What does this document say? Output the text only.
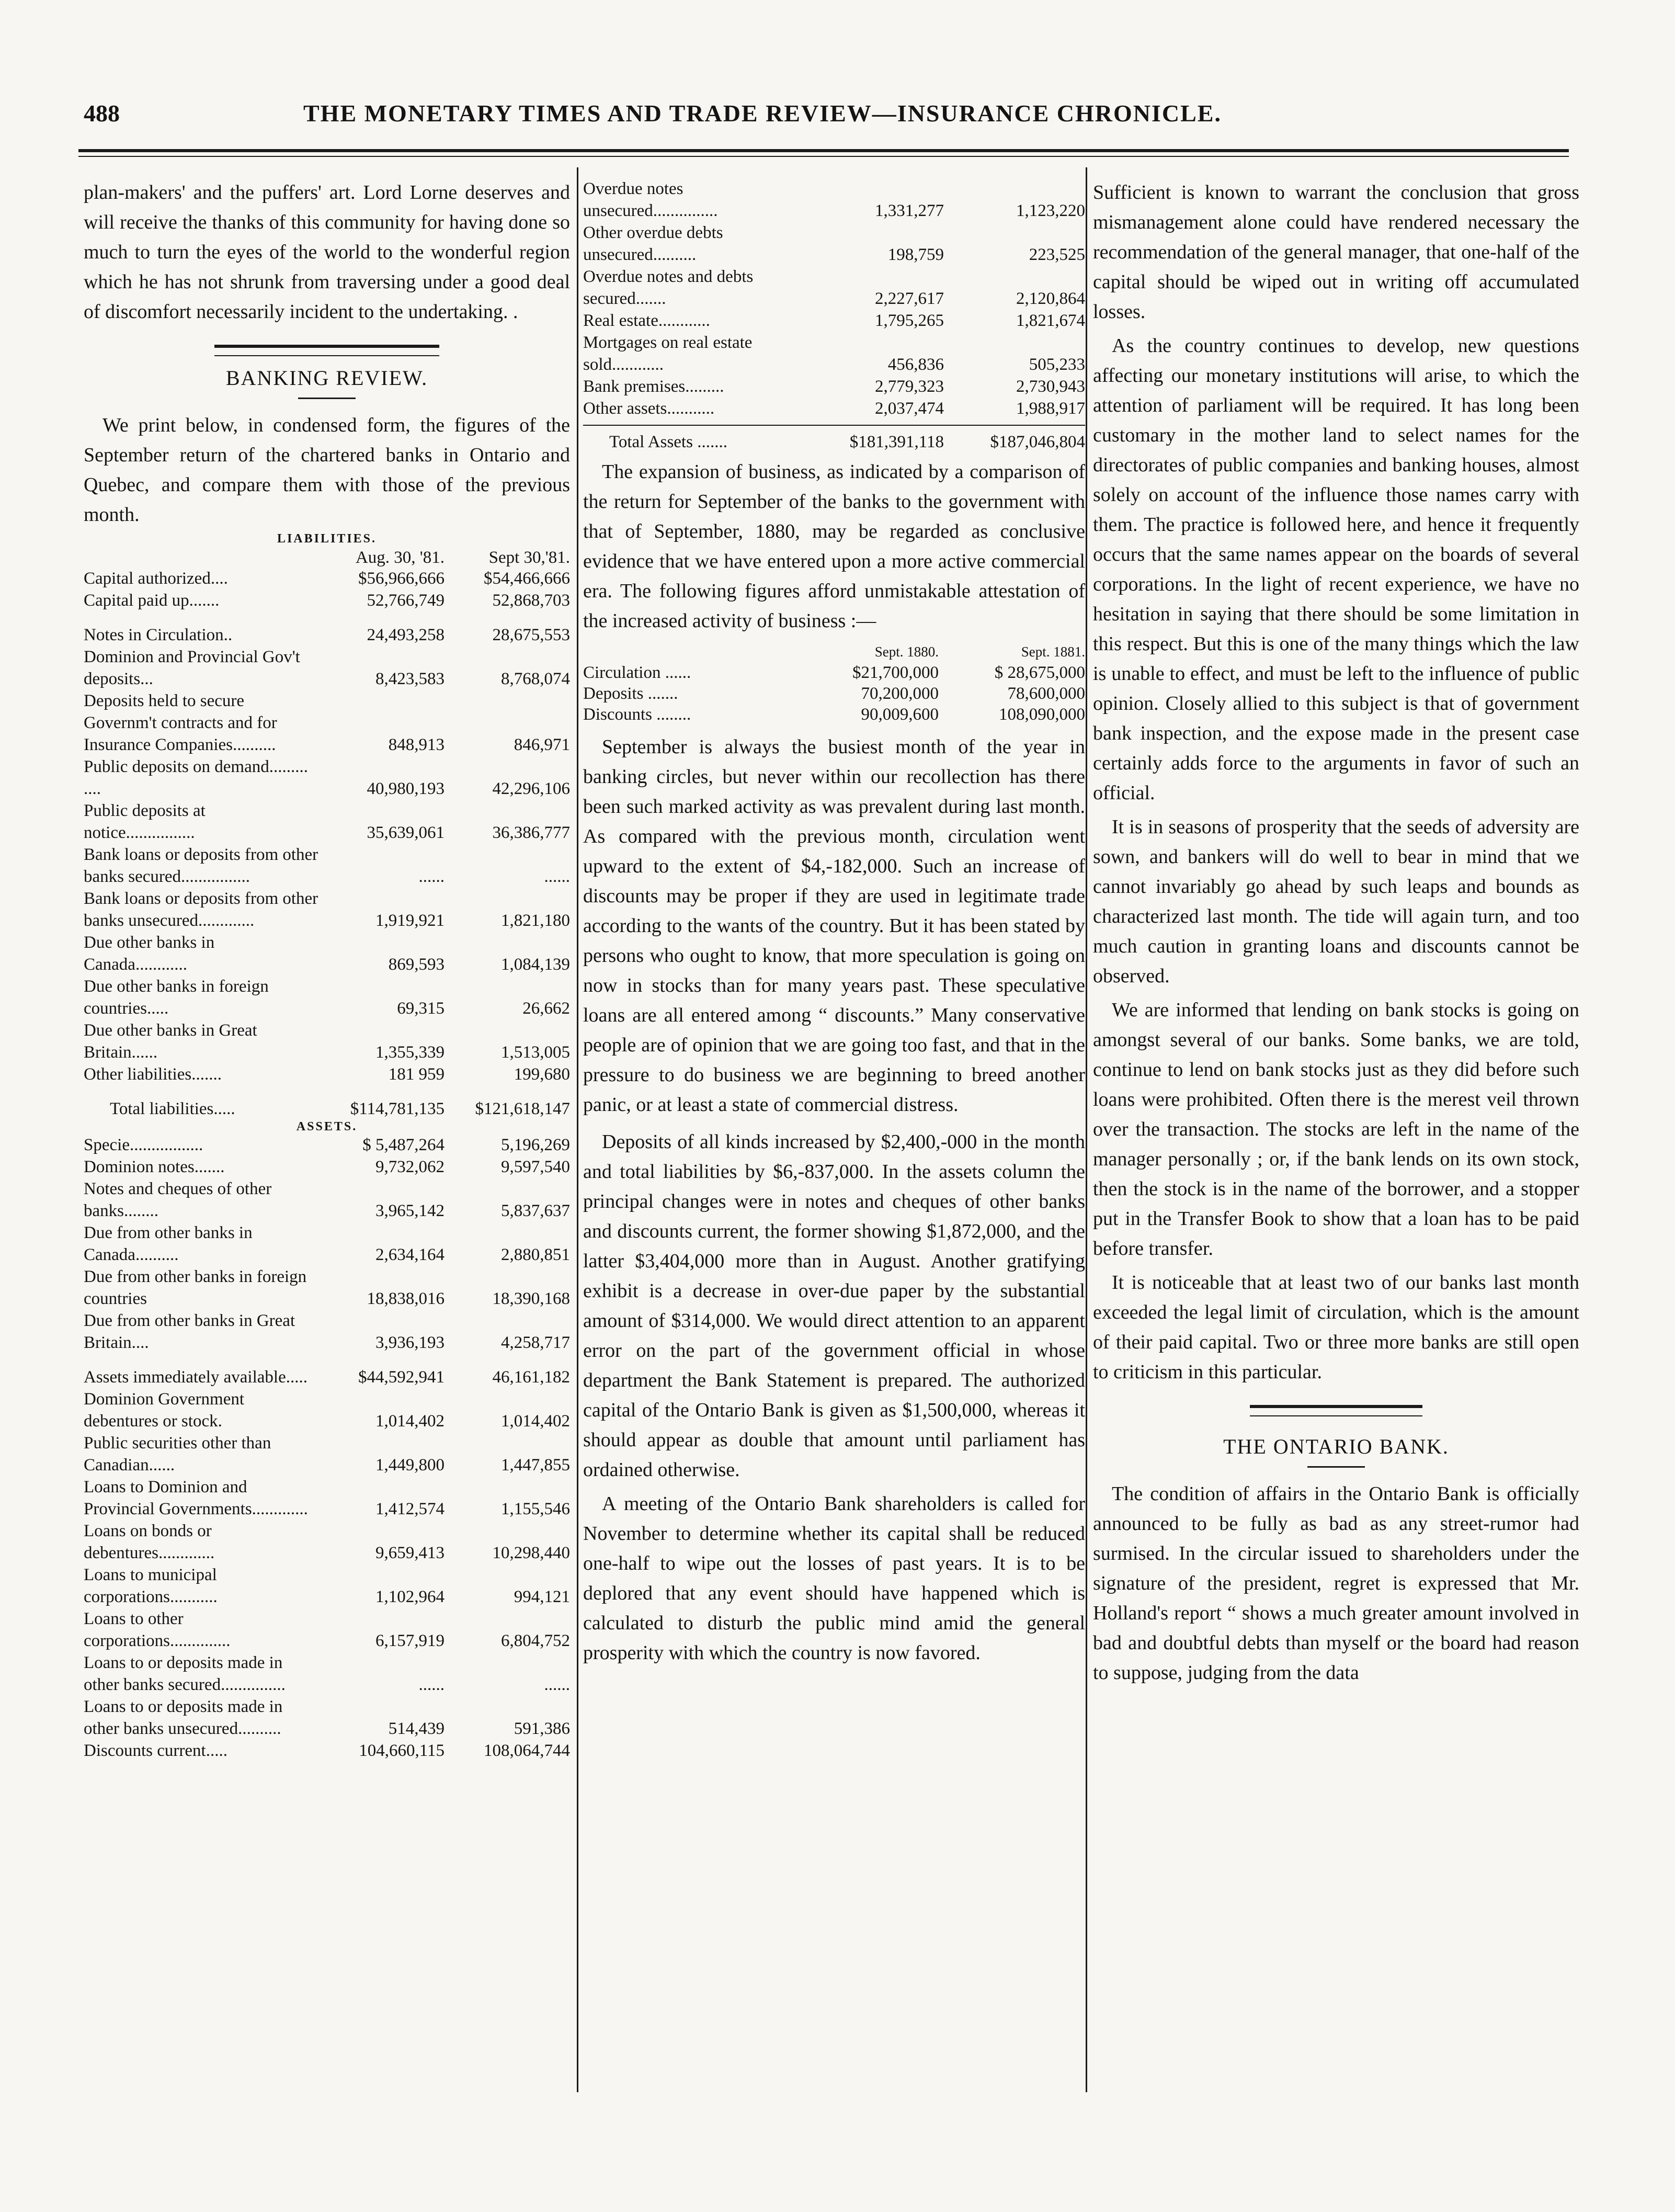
488	THE MONETARY TIMES AND TRADE REVIEW—INSURANCE CHRONICLE.

plan-makers' and the puffers' art. Lord Lorne deserves and will receive the thanks of this community for having done so much to turn the eyes of the world to the wonderful region which he has not shrunk from traversing under a good deal of discomfort necessarily incident to the undertaking. .

BANKING REVIEW.

We print below, in condensed form, the figures of the September return of the chartered banks in Ontario and Quebec, and compare them with those of the previous month.

LIABILITIES.
Aug. 30, '81.	Sept 30,'81.
Capital authorized....	$56,966,666	$54,466,666
Capital paid up.......	52,766,749	52,868,703
Notes in Circulation..	24,493,258	28,675,553
Dominion and Provincial Gov't deposits...	8,423,583	8,768,074
Deposits held to secure Governm't contracts and for Insurance Companies..........	848,913	846,971
Public deposits on demand......... ....	40,980,193	42,296,106
Public deposits at notice................	35,639,061	36,386,777
Bank loans or deposits from other banks secured................	......	......
Bank loans or deposits from other banks unsecured.............	1,919,921	1,821,180
Due other banks in Canada............	869,593	1,084,139
Due other banks in foreign countries.....	69,315	26,662
Due other banks in Great Britain......	1,355,339	1,513,005
Other liabilities.......	181 959	199,680
Total liabilities.....	$114,781,135	$121,618,147
ASSETS.
Specie.................	$ 5,487,264	5,196,269
Dominion notes.......	9,732,062	9,597,540
Notes and cheques of other banks........	3,965,142	5,837,637
Due from other banks in Canada..........	2,634,164	2,880,851
Due from other banks in foreign countries	18,838,016	18,390,168
Due from other banks in Great Britain....	3,936,193	4,258,717
Assets immediately available.....	$44,592,941	46,161,182
Dominion Government debentures or stock.	1,014,402	1,014,402
Public securities other than Canadian......	1,449,800	1,447,855
Loans to Dominion and Provincial Governments.............	1,412,574	1,155,546
Loans on bonds or debentures.............	9,659,413	10,298,440
Loans to municipal corporations...........	1,102,964	994,121
Loans to other corporations..............	6,157,919	6,804,752
Loans to or deposits made in other banks secured...............	......	......
Loans to or deposits made in other banks unsecured..........	514,439	591,386
Discounts current.....	104,660,115	108,064,744
Overdue notes unsecured...............	1,331,277	1,123,220
Other overdue debts unsecured..........	198,759	223,525
Overdue notes and debts secured.......	2,227,617	2,120,864
Real estate............	1,795,265	1,821,674
Mortgages on real estate sold............	456,836	505,233
Bank premises.........	2,779,323	2,730,943
Other assets...........	2,037,474	1,988,917
Total Assets .......	$181,391,118	$187,046,804

The expansion of business, as indicated by a comparison of the return for September of the banks to the government with that of September, 1880, may be regarded as conclusive evidence that we have entered upon a more active commercial era. The following figures afford unmistakable attestation of the increased activity of business :—

Sept. 1880.	Sept. 1881.
Circulation ......	$21,700,000	$ 28,675,000
Deposits .......	70,200,000	78,600,000
Discounts ........	90,009,600	108,090,000

September is always the busiest month of the year in banking circles, but never within our recollection has there been such marked activity as was prevalent during last month. As compared with the previous month, circulation went upward to the extent of $4,-182,000. Such an increase of discounts may be proper if they are used in legitimate trade according to the wants of the country. But it has been stated by persons who ought to know, that more speculation is going on now in stocks than for many years past. These speculative loans are all entered among “ discounts.” Many conservative people are of opinion that we are going too fast, and that in the pressure to do business we are beginning to breed another panic, or at least a state of commercial distress.

Deposits of all kinds increased by $2,400,-000 in the month and total liabilities by $6,-837,000. In the assets column the principal changes were in notes and cheques of other banks and discounts current, the former showing $1,872,000, and the latter $3,404,000 more than in August. Another gratifying exhibit is a decrease in over-due paper by the substantial amount of $314,000. We would direct attention to an apparent error on the part of the government official in whose department the Bank Statement is prepared. The authorized capital of the Ontario Bank is given as $1,500,000, whereas it should appear as double that amount until parliament has ordained otherwise.

A meeting of the Ontario Bank shareholders is called for November to determine whether its capital shall be reduced one-half to wipe out the losses of past years. It is to be deplored that any event should have happened which is calculated to disturb the public mind amid the general prosperity with which the country is now favored.

Sufficient is known to warrant the conclusion that gross mismanagement alone could have rendered necessary the recommendation of the general manager, that one-half of the capital should be wiped out in writing off accumulated losses.

As the country continues to develop, new questions affecting our monetary institutions will arise, to which the attention of parliament will be required. It has long been customary in the mother land to select names for the directorates of public companies and banking houses, almost solely on account of the influence those names carry with them. The practice is followed here, and hence it frequently occurs that the same names appear on the boards of several corporations. In the light of recent experience, we have no hesitation in saying that there should be some limitation in this respect. But this is one of the many things which the law is unable to effect, and must be left to the influence of public opinion. Closely allied to this subject is that of government bank inspection, and the expose made in the present case certainly adds force to the arguments in favor of such an official.

It is in seasons of prosperity that the seeds of adversity are sown, and bankers will do well to bear in mind that we cannot invariably go ahead by such leaps and bounds as characterized last month. The tide will again turn, and too much caution in granting loans and discounts cannot be observed.

We are informed that lending on bank stocks is going on amongst several of our banks. Some banks, we are told, continue to lend on bank stocks just as they did before such loans were prohibited. Often there is the merest veil thrown over the transaction. The stocks are left in the name of the manager personally ; or, if the bank lends on its own stock, then the stock is in the name of the borrower, and a stopper put in the Transfer Book to show that a loan has to be paid before transfer.

It is noticeable that at least two of our banks last month exceeded the legal limit of circulation, which is the amount of their paid capital. Two or three more banks are still open to criticism in this particular.

THE ONTARIO BANK.

The condition of affairs in the Ontario Bank is officially announced to be fully as bad as any street-rumor had surmised. In the circular issued to shareholders under the signature of the president, regret is expressed that Mr. Holland's report “ shows a much greater amount involved in bad and doubtful debts than myself or the board had reason to suppose, judging from the data
